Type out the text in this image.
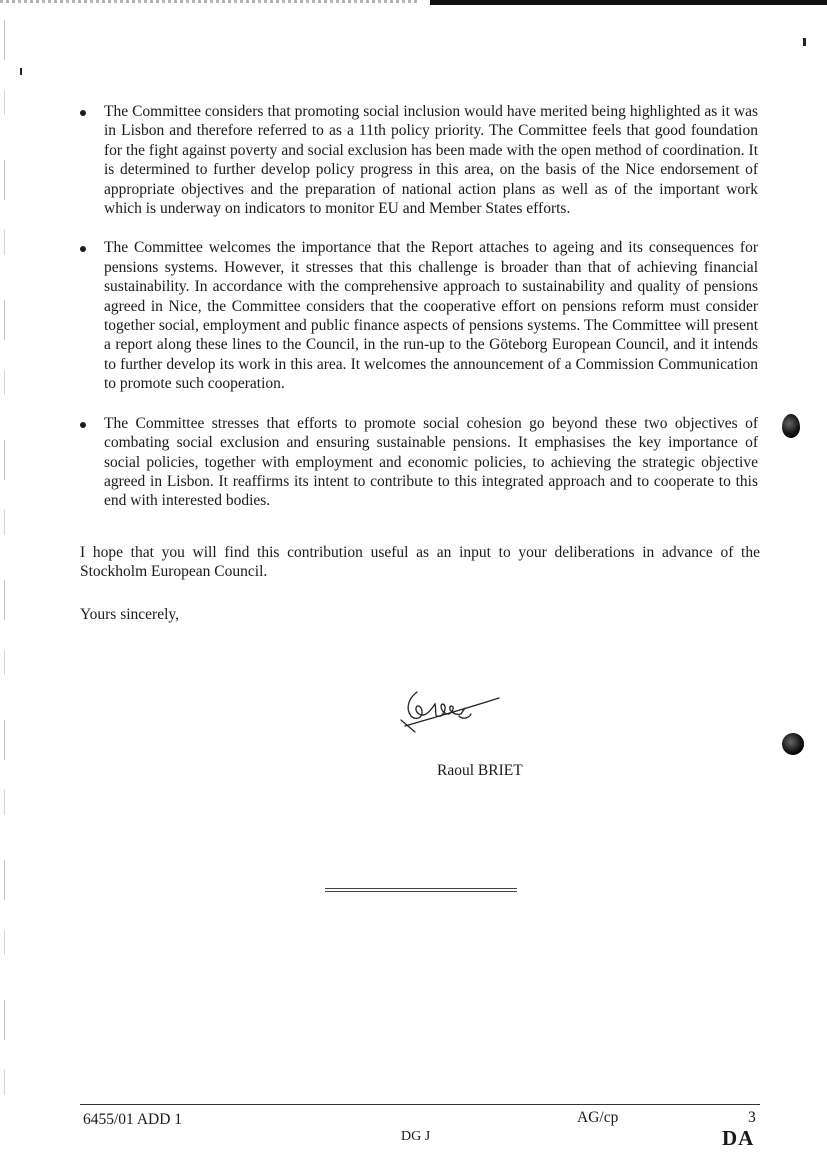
The Committee considers that promoting social inclusion would have merited being highlighted as it was in Lisbon and therefore referred to as a 11th policy priority. The Committee feels that good foundation for the fight against poverty and social exclusion has been made with the open method of coordination. It is determined to further develop policy progress in this area, on the basis of the Nice endorsement of appropriate objectives and the preparation of national action plans as well as of the important work which is underway on indicators to monitor EU and Member States efforts.
The Committee welcomes the importance that the Report attaches to ageing and its consequences for pensions systems. However, it stresses that this challenge is broader than that of achieving financial sustainability. In accordance with the comprehensive approach to sustainability and quality of pensions agreed in Nice, the Committee considers that the cooperative effort on pensions reform must consider together social, employment and public finance aspects of pensions systems. The Committee will present a report along these lines to the Council, in the run-up to the Göteborg European Council, and it intends to further develop its work in this area. It welcomes the announcement of a Commission Communication to promote such cooperation.
The Committee stresses that efforts to promote social cohesion go beyond these two objectives of combating social exclusion and ensuring sustainable pensions. It emphasises the key importance of social policies, together with employment and economic policies, to achieving the strategic objective agreed in Lisbon. It reaffirms its intent to contribute to this integrated approach and to cooperate to this end with interested bodies.
I hope that you will find this contribution useful as an input to your deliberations in advance of the Stockholm European Council.
Yours sincerely,
Raoul BRIET
6455/01 ADD 1	AG/cp	3
DG J	DA
